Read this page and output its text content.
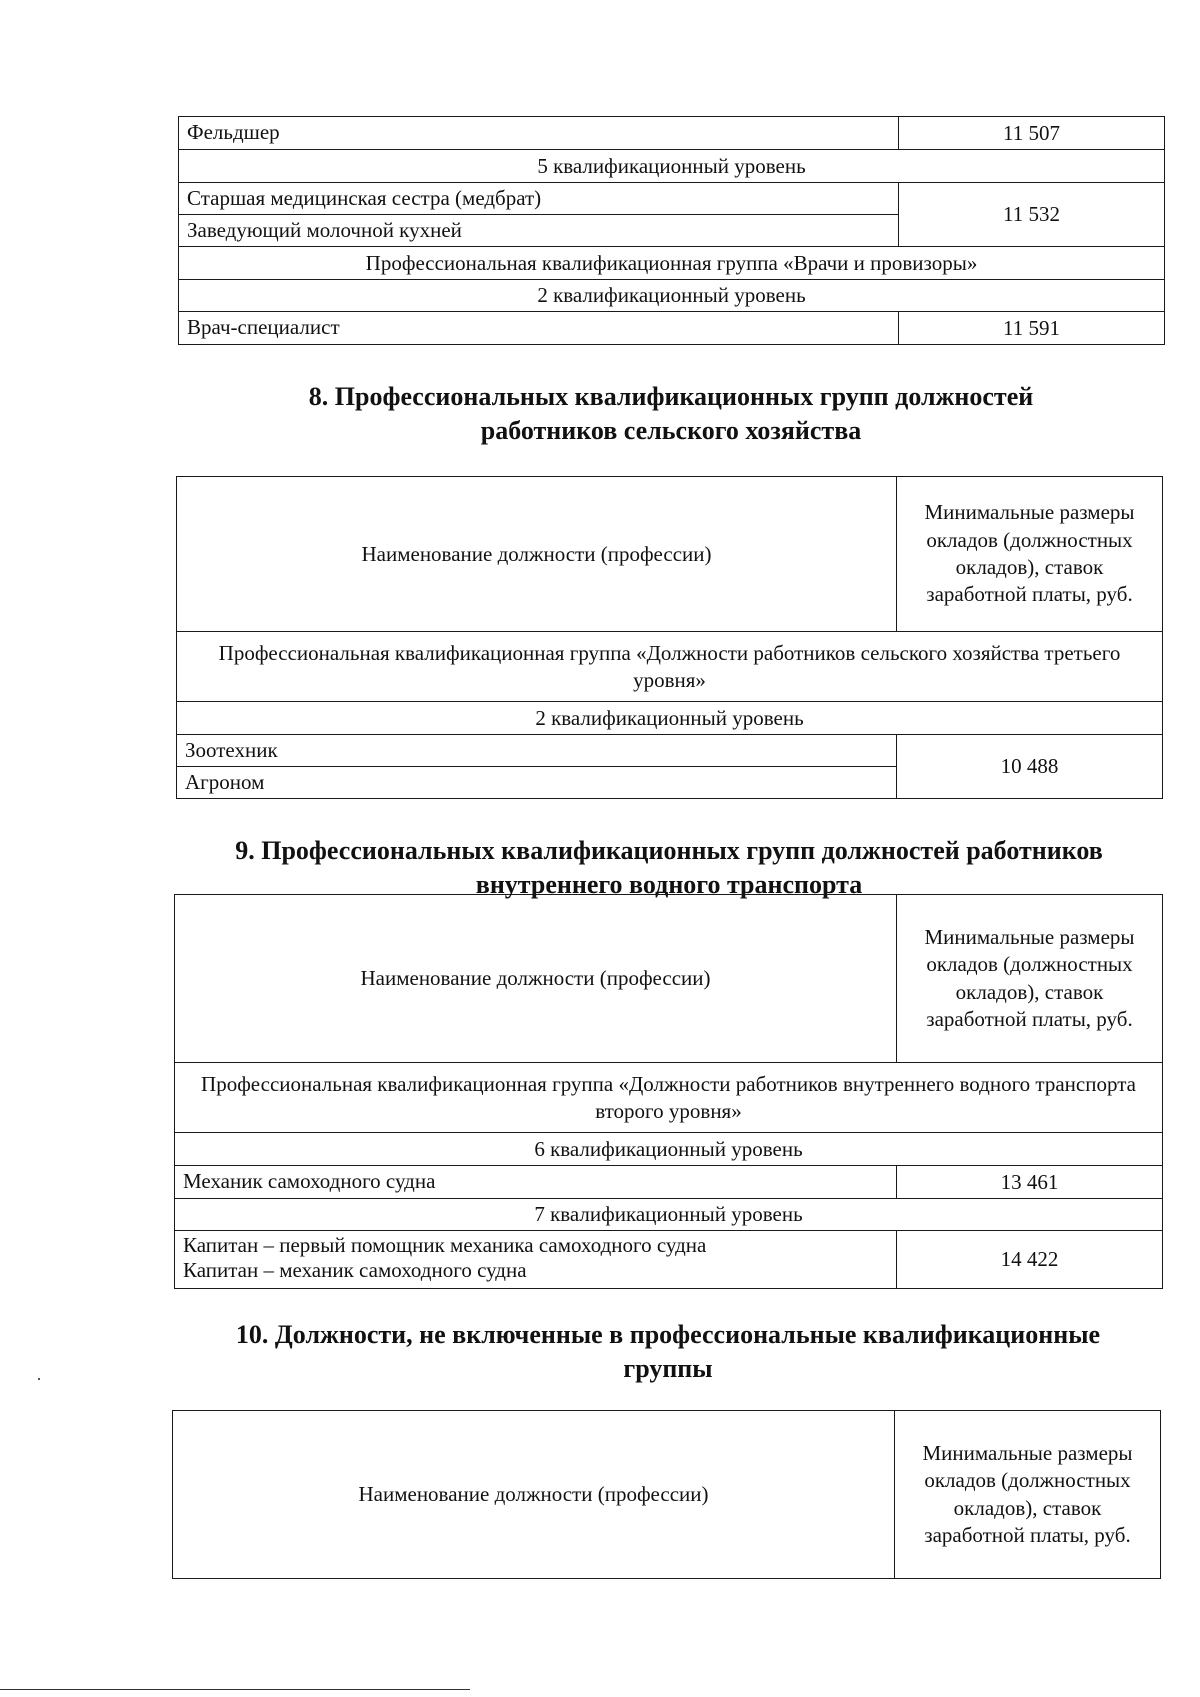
Фельдшер	11 507
5 квалификационный уровень	
Старшая медицинская сестра (медбрат)	11 532
Заведующий молочной кухней	
Профессиональная квалификационная группа «Врачи и провизоры»	
2 квалификационный уровень	
Врач-специалист	11 591
8. Профессиональных квалификационных групп должностей
работников сельского хозяйства
Наименование должности (профессии)	Минимальные размеры окладов (должностных окладов), ставок заработной платы, руб.
Профессиональная квалификационная группа «Должности работников сельского хозяйства третьего уровня»	
2 квалификационный уровень	
Зоотехник	10 488
Агроном	
9. Профессиональных квалификационных групп должностей работников
внутреннего водного транспорта
Наименование должности (профессии)	Минимальные размеры окладов (должностных окладов), ставок заработной платы, руб.
Профессиональная квалификационная группа «Должности работников внутреннего водного транспорта второго уровня»	
6 квалификационный уровень	
Механик самоходного судна	13 461
7 квалификационный уровень	
Капитан – первый помощник механика самоходного судна
Капитан – механик самоходного судна	14 422
10. Должности, не включенные в профессиональные квалификационные
группы
Наименование должности (профессии)	Минимальные размеры окладов (должностных окладов), ставок заработной платы, руб.
